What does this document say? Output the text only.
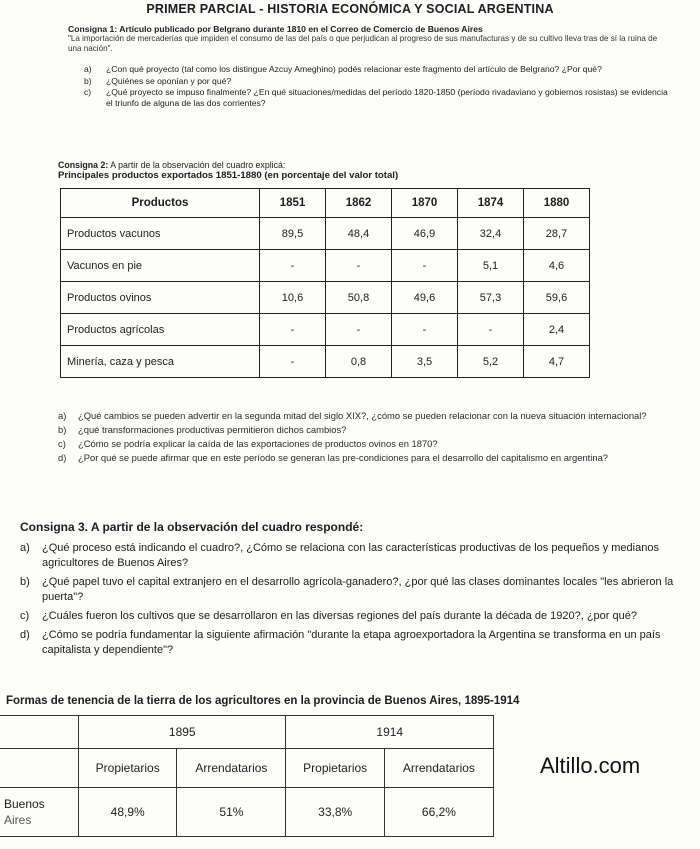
PRIMER PARCIAL - HISTORIA ECONÓMICA Y SOCIAL ARGENTINA
Consigna 1: Artículo publicado por Belgrano durante 1810 en el Correo de Comercio de Buenos Aires
"La importación de mercaderías que impiden el consumo de las del país o que perjudican al progreso de sus manufacturas y de su cultivo lleva tras de sí la ruina de una nación".
a)	¿Con qué proyecto (tal como los distingue Azcuy Ameghino) podés relacionar este fragmento del artículo de Belgrano? ¿Por qué?
b)	¿Quiénes se oponían y por qué?
c)	¿Qué proyecto se impuso finalmente? ¿En qué situaciones/medidas del período 1820-1850 (período rivadaviano y gobiernos rosistas) se evidencia el triunfo de alguna de las dos corrientes?
Consigna 2: A partir de la observación del cuadro explicá:
Principales productos exportados 1851-1880 (en porcentaje del valor total)
Productos	1851	1862	1870	1874	1880
Productos vacunos	89,5	48,4	46,9	32,4	28,7
Vacunos en pie	-	-	-	5,1	4,6
Productos ovinos	10,6	50,8	49,6	57,3	59,6
Productos agrícolas	-	-	-	-	2,4
Minería, caza y pesca	-	0,8	3,5	5,2	4,7
a)	¿Qué cambios se pueden advertir en la segunda mitad del siglo XIX?, ¿cómo se pueden relacionar con la nueva situación internacional?
b)	¿qué transformaciones productivas permitieron dichos cambios?
c)	¿Cómo se podría explicar la caída de las exportaciones de productos ovinos en 1870?
d)	¿Por qué se puede afirmar que en este período se generan las pre-condiciones para el desarrollo del capitalismo en argentina?
Consigna 3. A partir de la observación del cuadro respondé:
a)	¿Qué proceso está indicando el cuadro?, ¿Cómo se relaciona con las características productivas de los pequeños y medianos agricultores de Buenos Aires?
b)	¿Qué papel tuvo el capital extranjero en el desarrollo agrícola-ganadero?, ¿por qué las clases dominantes locales "les abrieron la puerta"?
c)	¿Cuáles fueron los cultivos que se desarrollaron en las diversas regiones del país durante la década de 1920?, ¿por qué?
d)	¿Cómo se podría fundamentar la siguiente afirmación "durante la etapa agroexportadora la Argentina se transforma en un país capitalista y dependiente"?
Formas de tenencia de la tierra de los agricultores en la provincia de Buenos Aires, 1895-1914
	1895		1914	
	Propietarios	Arrendatarios	Propietarios	Arrendatarios

Buenos
Aires	48,9%	51%	33,8%	66,2%
Altillo.com
